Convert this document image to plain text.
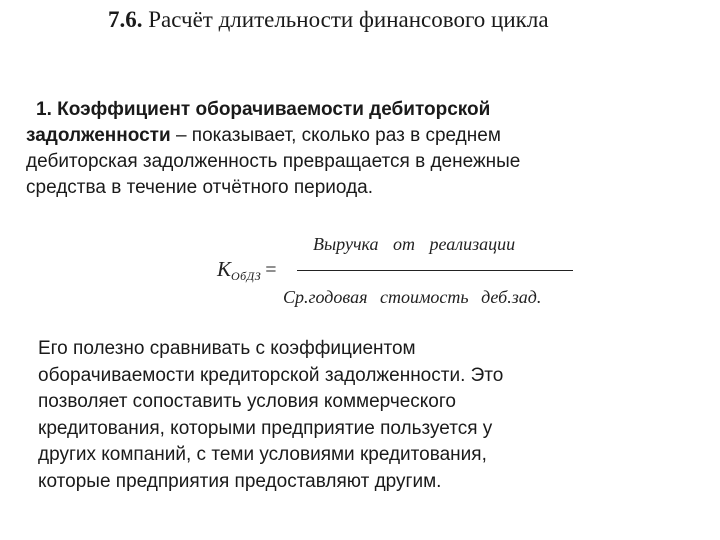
7.6. Расчёт длительности финансового цикла
1. Коэффициент оборачиваемости дебиторской
задолженности – показывает, сколько раз в среднем
дебиторская задолженность превращается в денежные
средства в течение отчётного периода.
$К_{ОбДЗ}$ =
Выручка от реализации
Ср.годовая стоимость деб.зад.
Его полезно сравнивать с коэффициентом
оборачиваемости кредиторской задолженности. Это
позволяет сопоставить условия коммерческого
кредитования, которыми предприятие пользуется у
других компаний, с теми условиями кредитования,
которые предприятия предоставляют другим.
